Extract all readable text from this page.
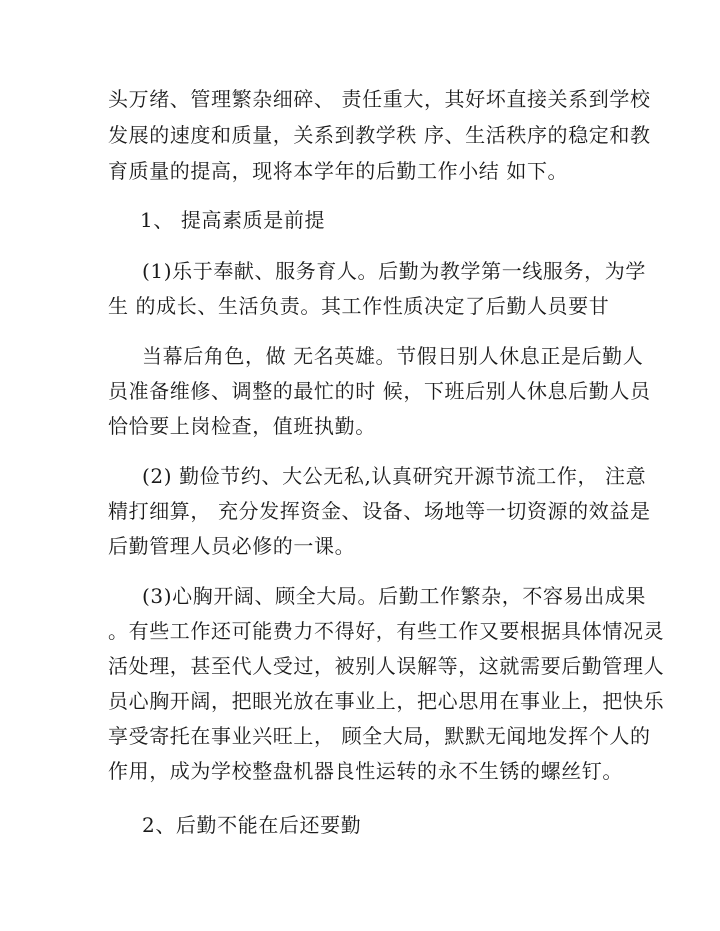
头万绪、管理繁杂细碎、 责任重大，其好坏直接关系到学校
发展的速度和质量，关系到教学秩 序、生活秩序的稳定和教
育质量的提高，现将本学年的后勤工作小结 如下。
1、 提高素质是前提
(1)乐于奉献、服务育人。后勤为教学第一线服务，为学
生 的成长、生活负责。其工作性质决定了后勤人员要甘
当幕后角色，做 无名英雄。节假日别人休息正是后勤人
员准备维修、调整的最忙的时 候，下班后别人休息后勤人员
恰恰要上岗检查，值班执勤。
(2) 勤俭节约、大公无私,认真研究开源节流工作， 注意
精打细算， 充分发挥资金、设备、场地等一切资源的效益是
后勤管理人员必修的一课。
(3)心胸开阔、顾全大局。后勤工作繁杂，不容易出成果
。有些工作还可能费力不得好，有些工作又要根据具体情况灵
活处理，甚至代人受过，被别人误解等，这就需要后勤管理人
员心胸开阔，把眼光放在事业上，把心思用在事业上，把快乐
享受寄托在事业兴旺上， 顾全大局，默默无闻地发挥个人的
作用，成为学校整盘机器良性运转的永不生锈的螺丝钉。
2、后勤不能在后还要勤
